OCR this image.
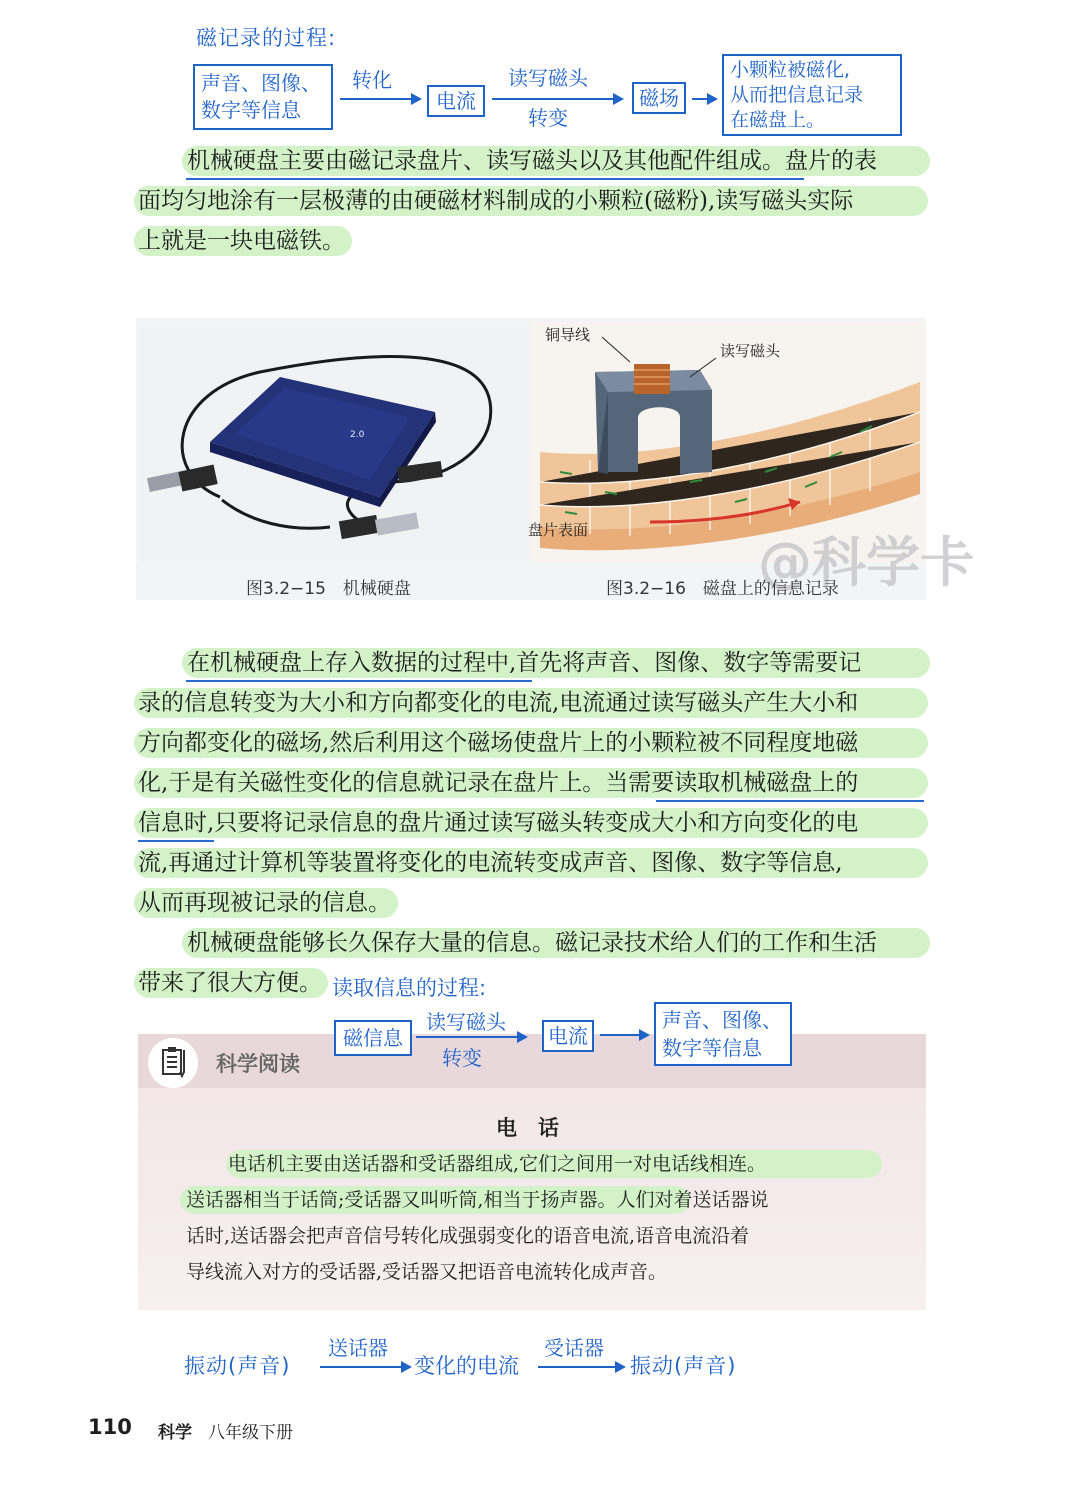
磁记录的过程:
声音、图像、
数字等信息
转化
电流
读写磁头
转变
磁场
小颗粒被磁化,
从而把信息记录
在磁盘上。
机械硬盘主要由磁记录盘片、读写磁头以及其他配件组成。盘片的表
面均匀地涂有一层极薄的由硬磁材料制成的小颗粒(磁粉),读写磁头实际
上就是一块电磁铁。
2.0
铜导线
读写磁头
盘片表面
@科学卡
图3.2−15　机械硬盘	图3.2−16　磁盘上的信息记录
在机械硬盘上存入数据的过程中,首先将声音、图像、数字等需要记
录的信息转变为大小和方向都变化的电流,电流通过读写磁头产生大小和
方向都变化的磁场,然后利用这个磁场使盘片上的小颗粒被不同程度地磁
化,于是有关磁性变化的信息就记录在盘片上。当需要读取机械磁盘上的
信息时,只要将记录信息的盘片通过读写磁头转变成大小和方向变化的电
流,再通过计算机等装置将变化的电流转变成声音、图像、数字等信息,
从而再现被记录的信息。
机械硬盘能够长久保存大量的信息。磁记录技术给人们的工作和生活
带来了很大方便。 读取信息的过程:
科学阅读
磁信息
读写磁头
转变
电流
声音、图像、
数字等信息
电　话
电话机主要由送话器和受话器组成,它们之间用一对电话线相连。
送话器相当于话筒;受话器又叫听筒,相当于扬声器。人们对着送话器说
话时,送话器会把声音信号转化成强弱变化的语音电流,语音电流沿着
导线流入对方的受话器,受话器又把语音电流转化成声音。
振动(声音)
送话器
变化的电流
受话器
振动(声音)
110 科学 八年级下册
